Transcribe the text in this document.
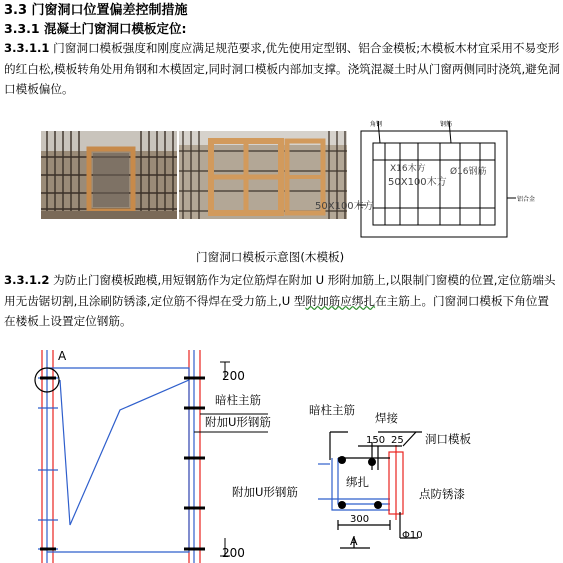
3.3 门窗洞口位置偏差控制措施
3.3.1 混凝土门窗洞口模板定位:
3.3.1.1 门窗洞口模板强度和刚度应满足规范要求,优先使用定型钢、铝合金模板;木模板木材宜采用不易变形的红白松,模板转角处用角钢和木模固定,同时洞口模板内部加支撑。浇筑混凝土时从门窗两侧同时浇筑,避免洞口模板偏位。
角钢	钢筋
X16木方
50X100木方
Ø16钢筋
50X100木方
铝合金
门窗洞口模板示意图(木模板)
3.3.1.2 为防止门窗模板跑模,用短钢筋作为定位筋焊在附加 U 形附加筋上,以限制门窗模的位置,定位筋端头用无齿锯切割,且涂刷防锈漆,定位筋不得焊在受力筋上,U 型附加筋应绑扎在主筋上。门窗洞口模板下角位置在楼板上设置定位钢筋。
A
200
200
暗柱主筋
附加U形钢筋
暗柱主筋
焊接
150 25 洞口模板
绑扎
附加U形钢筋	点防锈漆
300
Φ10
A
